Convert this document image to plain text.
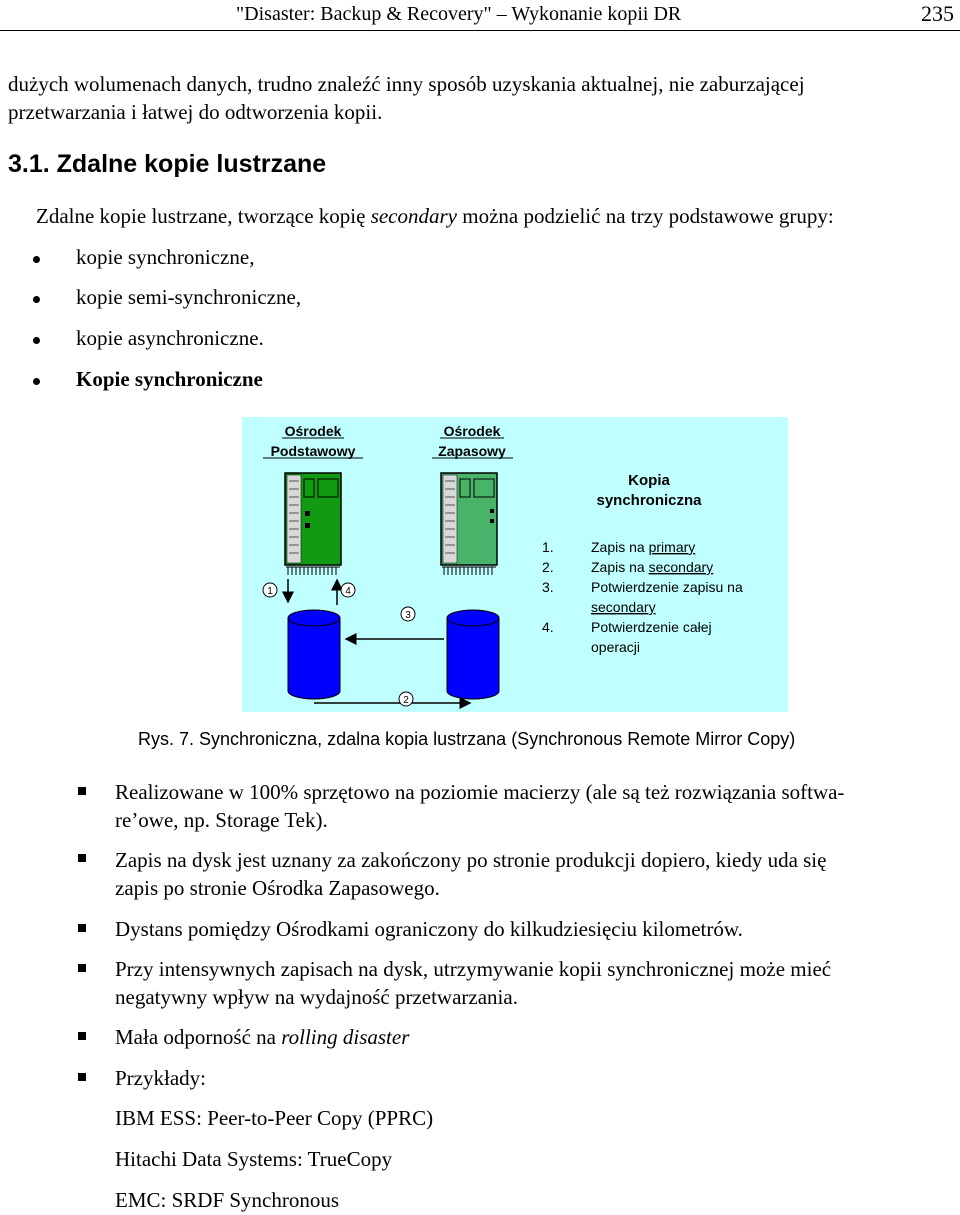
"Disaster: Backup & Recovery" – Wykonanie kopii DR	235
dużych wolumenach danych, trudno znaleźć inny sposób uzyskania aktualnej, nie zaburzającej
przetwarzania i łatwej do odtworzenia kopii.
3.1. Zdalne kopie lustrzane
Zdalne kopie lustrzane, tworzące kopię secondary można podzielić na trzy podstawowe grupy:
kopie synchroniczne,
kopie semi-synchroniczne,
kopie asynchroniczne.
Kopie synchroniczne
Ośrodek
Podstawowy
Ośrodek
Zapasowy
1	4
3
2
Kopia
synchroniczna
1.	Zapis na primary
2.	Zapis na secondary
3.	Potwierdzenie zapisu na
secondary
4.	Potwierdzenie całej
operacji
Rys. 7. Synchroniczna, zdalna kopia lustrzana (Synchronous Remote Mirror Copy)
Realizowane w 100% sprzętowo na poziomie macierzy (ale są też rozwiązania softwa-
re’owe, np. Storage Tek).
Zapis na dysk jest uznany za zakończony po stronie produkcji dopiero, kiedy uda się
zapis po stronie Ośrodka Zapasowego.
Dystans pomiędzy Ośrodkami ograniczony do kilkudziesięciu kilometrów.
Przy intensywnych zapisach na dysk, utrzymywanie kopii synchronicznej może mieć
negatywny wpływ na wydajność przetwarzania.
Mała odporność na rolling disaster
Przykłady:
IBM ESS: Peer-to-Peer Copy (PPRC)
Hitachi Data Systems: TrueCopy
EMC: SRDF Synchronous
